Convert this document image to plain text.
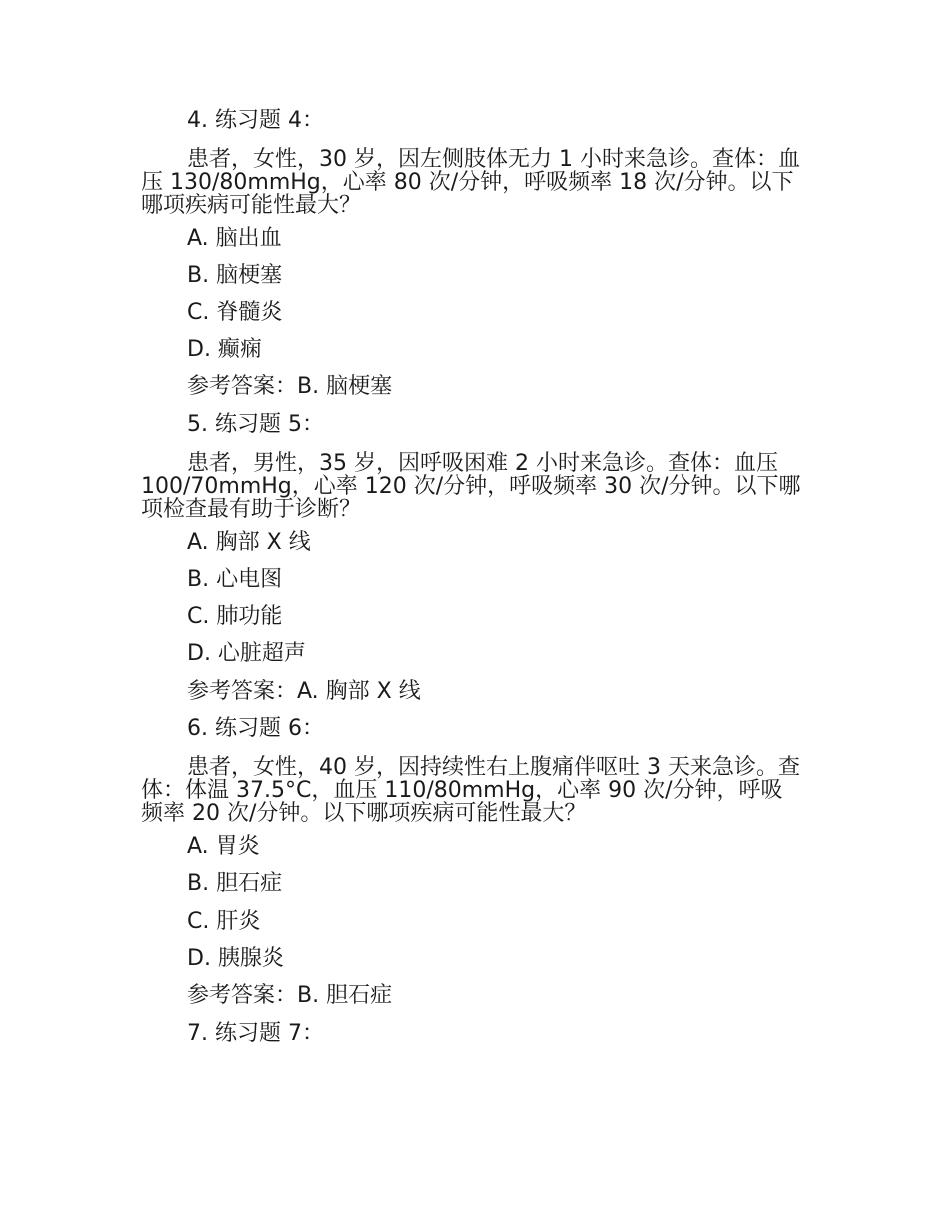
4. 练习题 4：
患者，女性，30 岁，因左侧肢体无力 1 小时来急诊。查体：血压 130/80mmHg，心率 80 次/分钟，呼吸频率 18 次/分钟。以下哪项疾病可能性最大？
A. 脑出血
B. 脑梗塞
C. 脊髓炎
D. 癫痫
参考答案：B. 脑梗塞
5. 练习题 5：
患者，男性，35 岁，因呼吸困难 2 小时来急诊。查体：血压 100/70mmHg，心率 120 次/分钟，呼吸频率 30 次/分钟。以下哪项检查最有助于诊断？
A. 胸部 X 线
B. 心电图
C. 肺功能
D. 心脏超声
参考答案：A. 胸部 X 线
6. 练习题 6：
患者，女性，40 岁，因持续性右上腹痛伴呕吐 3 天来急诊。查体：体温 37.5°C，血压 110/80mmHg，心率 90 次/分钟，呼吸频率 20 次/分钟。以下哪项疾病可能性最大？
A. 胃炎
B. 胆石症
C. 肝炎
D. 胰腺炎
参考答案：B. 胆石症
7. 练习题 7：
